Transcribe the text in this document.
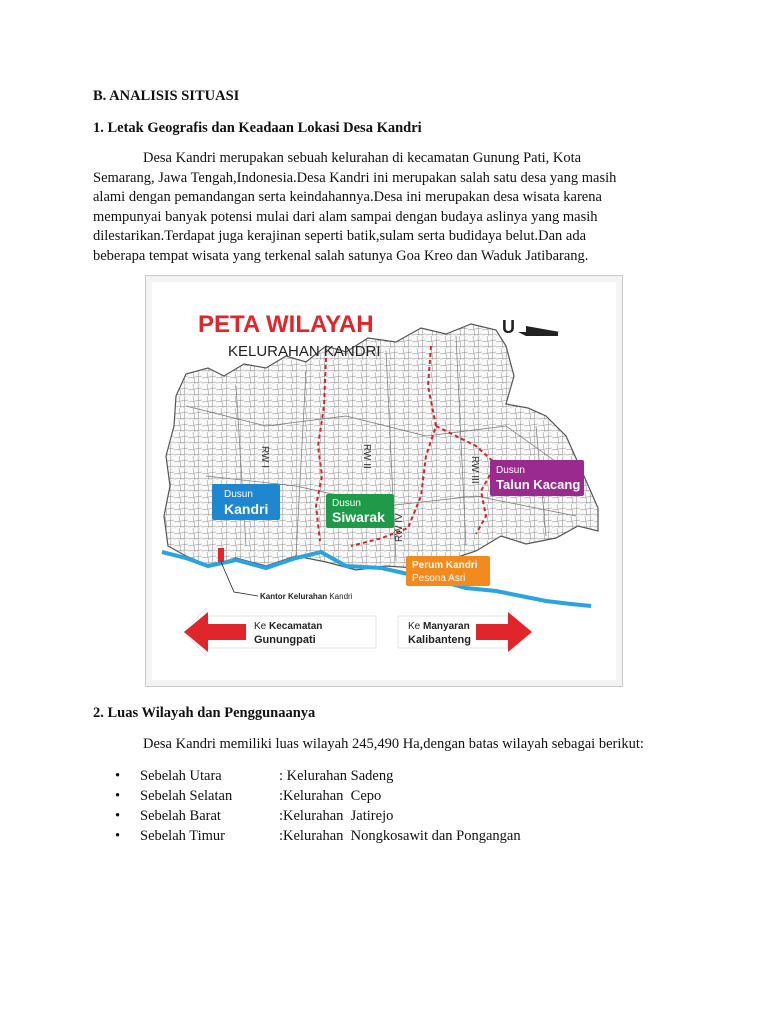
B. ANALISIS SITUASI
1. Letak Geografis dan Keadaan Lokasi Desa Kandri
Desa Kandri merupakan sebuah kelurahan di kecamatan Gunung Pati, Kota
Semarang, Jawa Tengah,Indonesia.Desa Kandri ini merupakan salah satu desa yang masih
alami dengan pemandangan serta keindahannya.Desa ini merupakan desa wisata karena
mempunyai banyak potensi mulai dari alam sampai dengan budaya aslinya yang masih
dilestarikan.Terdapat juga kerajinan seperti batik,sulam serta budidaya belut.Dan ada
beberapa tempat wisata yang terkenal salah satunya Goa Kreo dan Waduk Jatibarang.
PETA WILAYAH
KELURAHAN KANDRI
U
RW I	RW II	RW III
RW IV
Dusun
Kandri	Dusun
Siwarak
Dusun
Talun Kacang
Perum Kandri
Pesona Asri
Kantor Kelurahan Kandri
Ke Kecamatan
Gunungpati
Ke Manyaran
Kalibanteng
2. Luas Wilayah dan Penggunaanya
Desa Kandri memiliki luas wilayah 245,490 Ha,dengan batas wilayah sebagai berikut:
• Sebelah Utara	: Kelurahan Sadeng
• Sebelah Selatan	:Kelurahan  Cepo
• Sebelah Barat	:Kelurahan  Jatirejo
• Sebelah Timur	:Kelurahan  Nongkosawit dan Pongangan
